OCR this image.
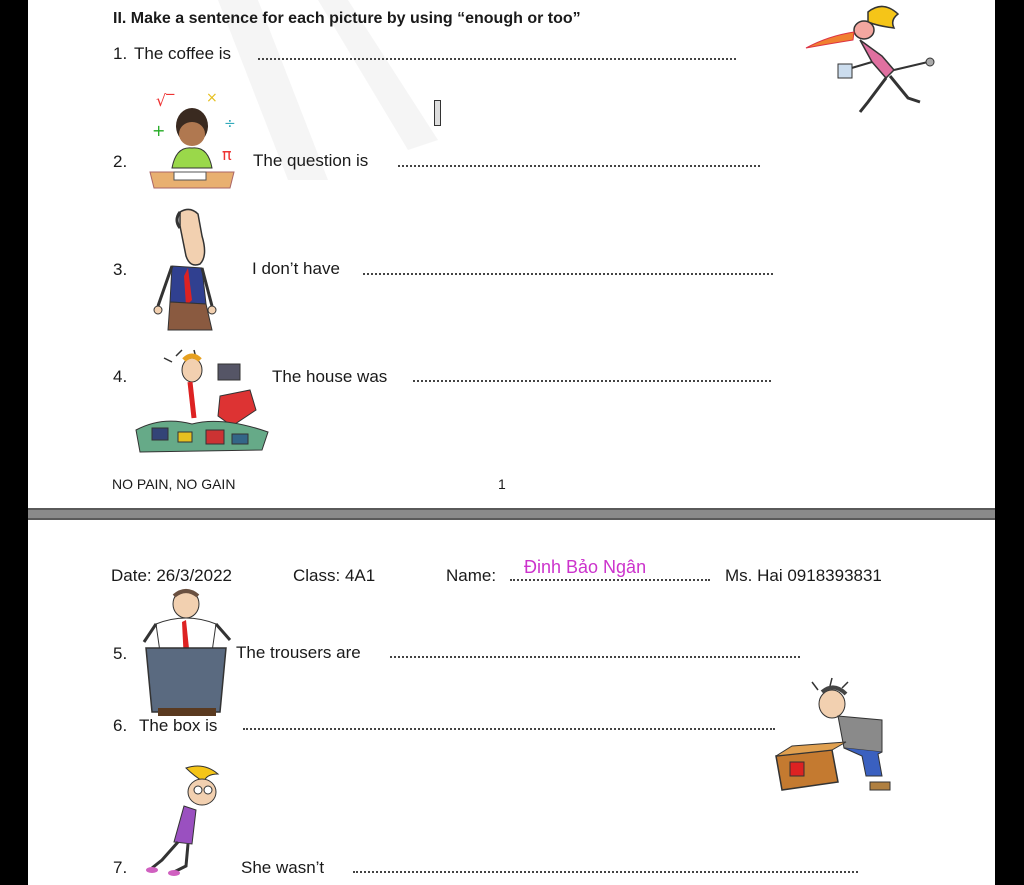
II. Make a sentence for each picture by using “enough or too”
1. The coffee is
2.
√‾ ×
+	÷
π The question is
3.	I don’t have
4.	The house was
NO PAIN, NO GAIN	1
Date: 26/3/2022	Class: 4A1	Name: Đinh Bảo Ngân	Ms. Hai 0918393831
5.	The trousers are
6. The box is
7.	She wasn’t
